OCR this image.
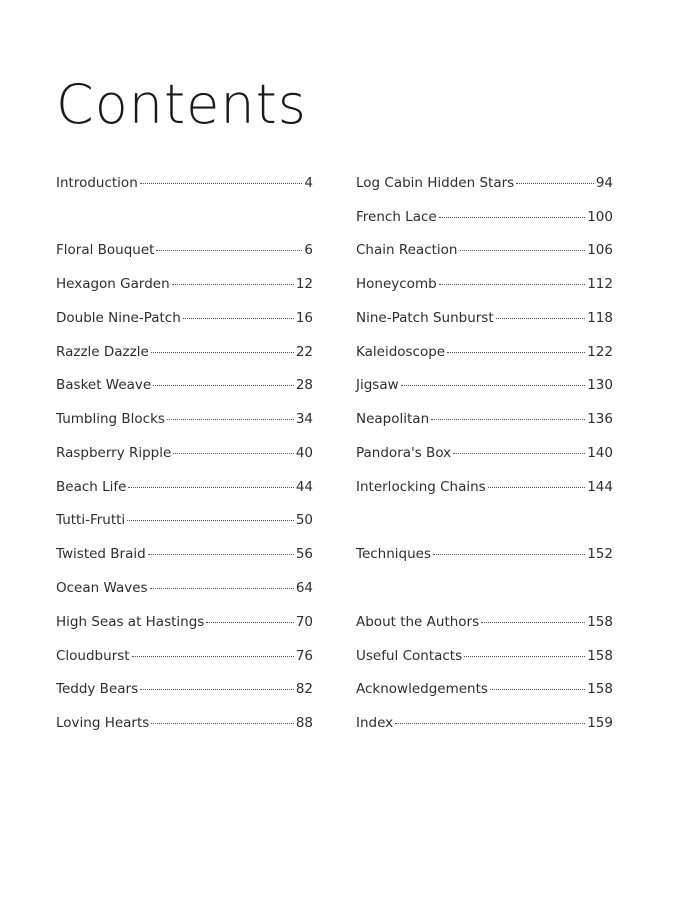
Contents
Introduction	4
Floral Bouquet	6
Hexagon Garden	12
Double Nine-Patch	16
Razzle Dazzle	22
Basket Weave	28
Tumbling Blocks	34
Raspberry Ripple	40
Beach Life	44
Tutti-Frutti	50
Twisted Braid	56
Ocean Waves	64
High Seas at Hastings	70
Cloudburst	76
Teddy Bears	82
Loving Hearts	88
Log Cabin Hidden Stars	94
French Lace	100
Chain Reaction	106
Honeycomb	112
Nine-Patch Sunburst	118
Kaleidoscope	122
Jigsaw	130
Neapolitan	136
Pandora's Box	140
Interlocking Chains	144
Techniques	152
About the Authors	158
Useful Contacts	158
Acknowledgements	158
Index	159
